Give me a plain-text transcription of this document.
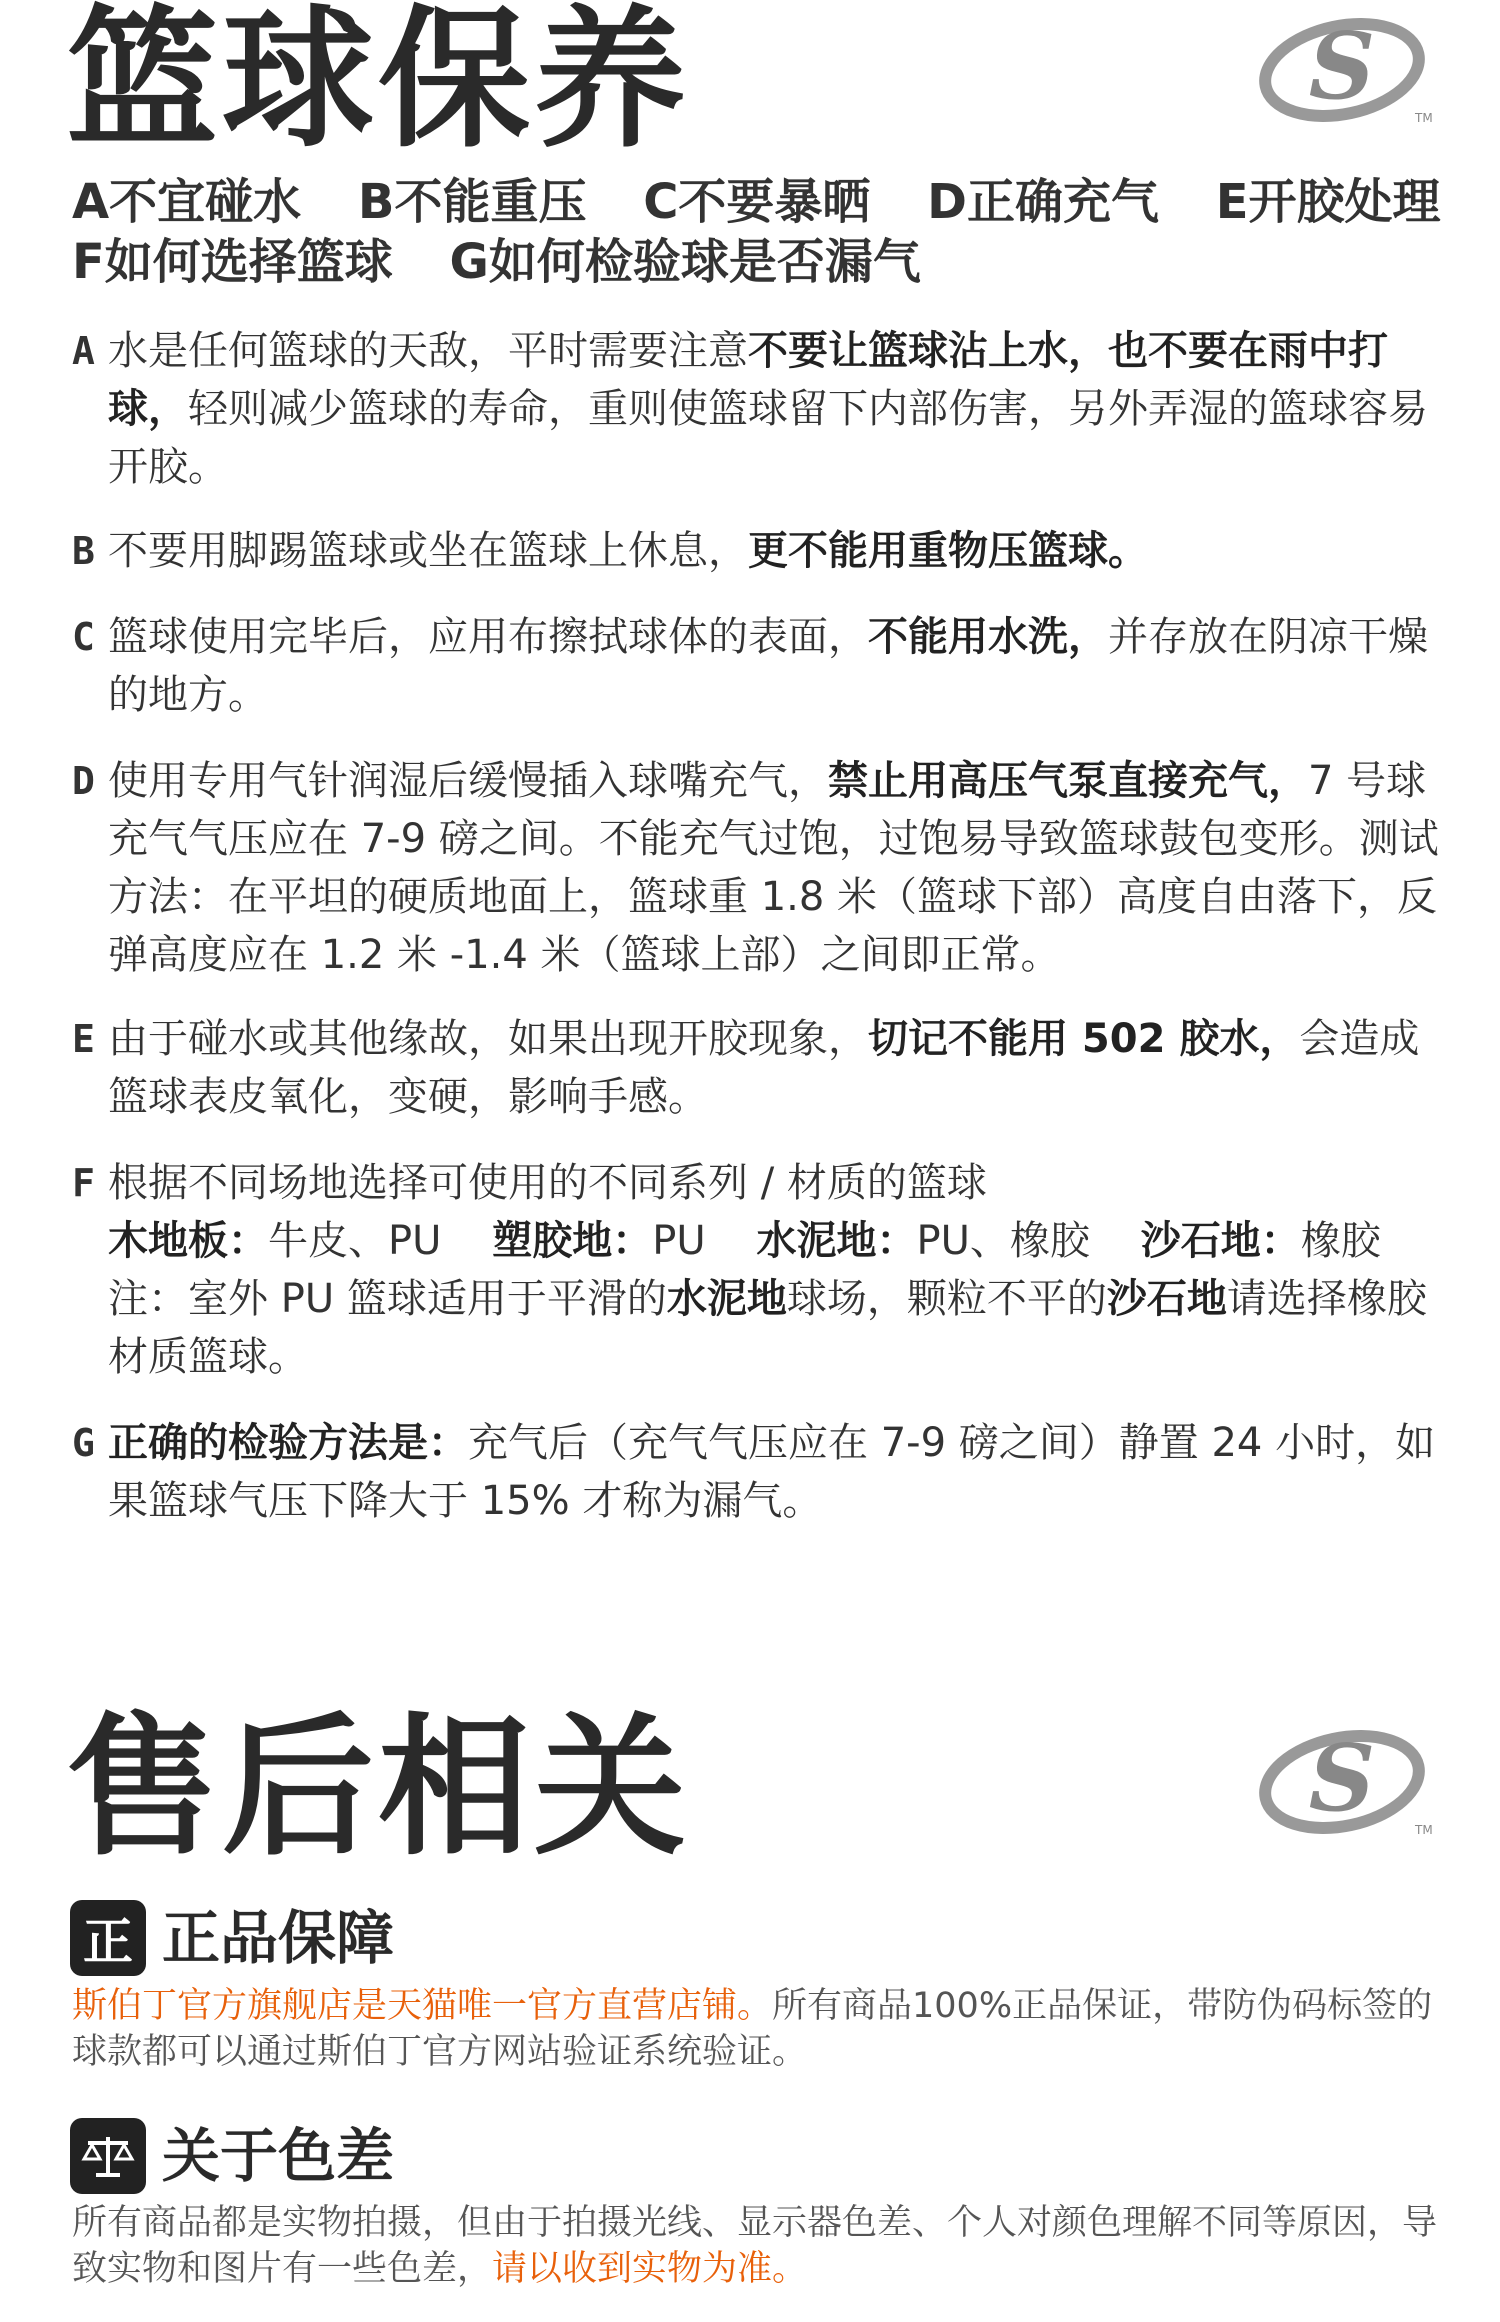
篮球保养	S	TM
A不宜碰水 B不能重压 C不要暴晒 D正确充气 E开胶处理
F如何选择篮球 G如何检验球是否漏气
A 水是任何篮球的天敌，平时需要注意不要让篮球沾上水，也不要在雨中打球，轻则减少篮球的寿命，重则使篮球留下内部伤害，另外弄湿的篮球容易开胶。
B 不要用脚踢篮球或坐在篮球上休息，更不能用重物压篮球。
C 篮球使用完毕后，应用布擦拭球体的表面，不能用水洗，并存放在阴凉干燥的地方。
D 使用专用气针润湿后缓慢插入球嘴充气，禁止用高压气泵直接充气，7 号球充气气压应在 7-9 磅之间。不能充气过饱，过饱易导致篮球鼓包变形。测试方法：在平坦的硬质地面上，篮球重 1.8 米（篮球下部）高度自由落下，反弹高度应在 1.2 米 -1.4 米（篮球上部）之间即正常。
E 由于碰水或其他缘故，如果出现开胶现象，切记不能用 502 胶水，会造成篮球表皮氧化，变硬，影响手感。
F 根据不同场地选择可使用的不同系列 / 材质的篮球
木地板：牛皮、PU 塑胶地：PU 水泥地：PU、橡胶 沙石地：橡胶
注：室外 PU 篮球适用于平滑的水泥地球场，颗粒不平的沙石地请选择橡胶材质篮球。
G 正确的检验方法是：充气后（充气气压应在 7-9 磅之间）静置 24 小时，如果篮球气压下降大于 15% 才称为漏气。
售后相关	S	TM
正 正品保障
斯伯丁官方旗舰店是天猫唯一官方直营店铺。所有商品100%正品保证，带防伪码标签的球款都可以通过斯伯丁官方网站验证系统验证。
关于色差
所有商品都是实物拍摄，但由于拍摄光线、显示器色差、个人对颜色理解不同等原因，导致实物和图片有一些色差，请以收到实物为准。
